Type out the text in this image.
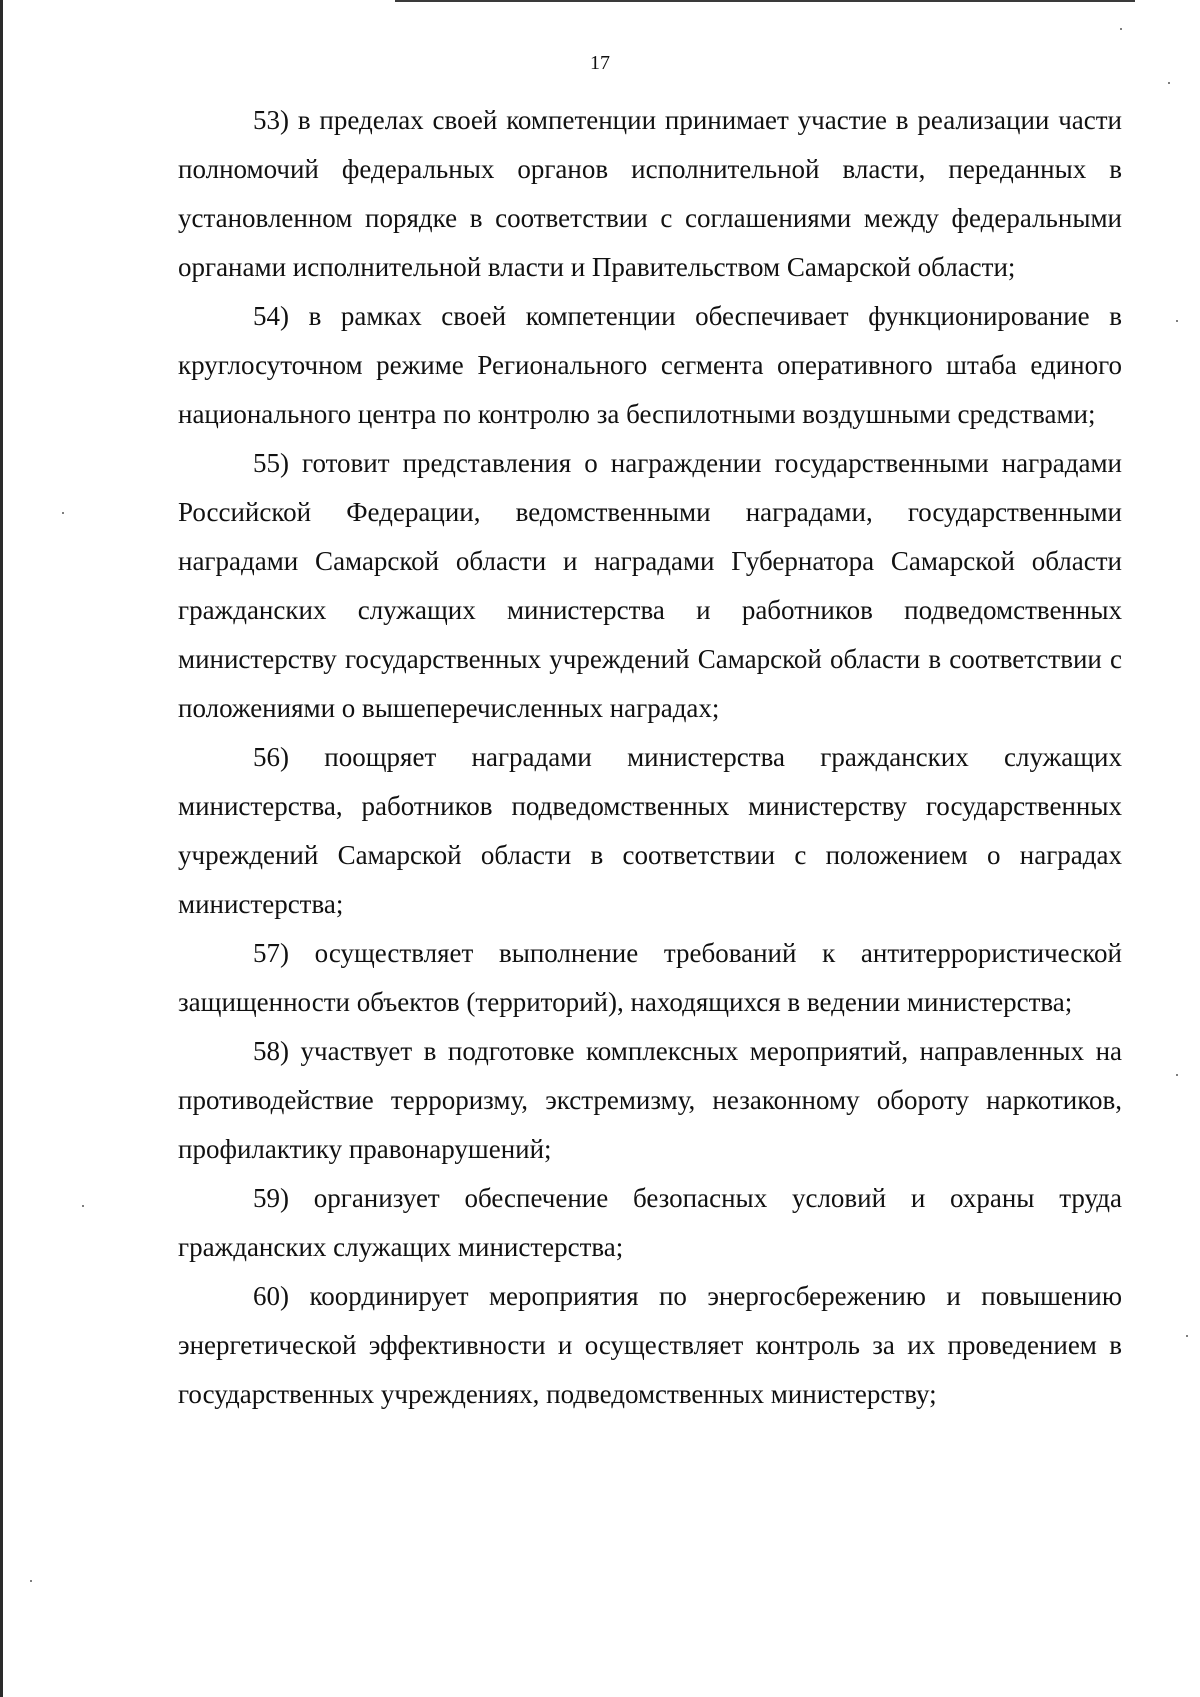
17

53) в пределах своей компетенции принимает участие в реализации части полномочий федеральных органов исполнительной власти, переданных в установленном порядке в соответствии с соглашениями между федеральными органами исполнительной власти и Правительством Самарской области;

54) в рамках своей компетенции обеспечивает функционирование в круглосуточном режиме Регионального сегмента оперативного штаба единого национального центра по контролю за беспилотными воздушными средствами;

55) готовит представления о награждении государственными наградами Российской Федерации, ведомственными наградами, государственными наградами Самарской области и наградами Губернатора Самарской области гражданских служащих министерства и работников подведомственных министерству государственных учреждений Самарской области в соответствии с положениями о вышеперечисленных наградах;

56) поощряет наградами министерства гражданских служащих министерства, работников подведомственных министерству государственных учреждений Самарской области в соответствии с положением о наградах министерства;

57) осуществляет выполнение требований к антитеррористической защищенности объектов (территорий), находящихся в ведении министерства;

58) участвует в подготовке комплексных мероприятий, направленных на противодействие терроризму, экстремизму, незаконному обороту наркотиков, профилактику правонарушений;

59) организует обеспечение безопасных условий и охраны труда гражданских служащих министерства;

60) координирует мероприятия по энергосбережению и повышению энергетической эффективности и осуществляет контроль за их проведением в государственных учреждениях, подведомственных министерству;
